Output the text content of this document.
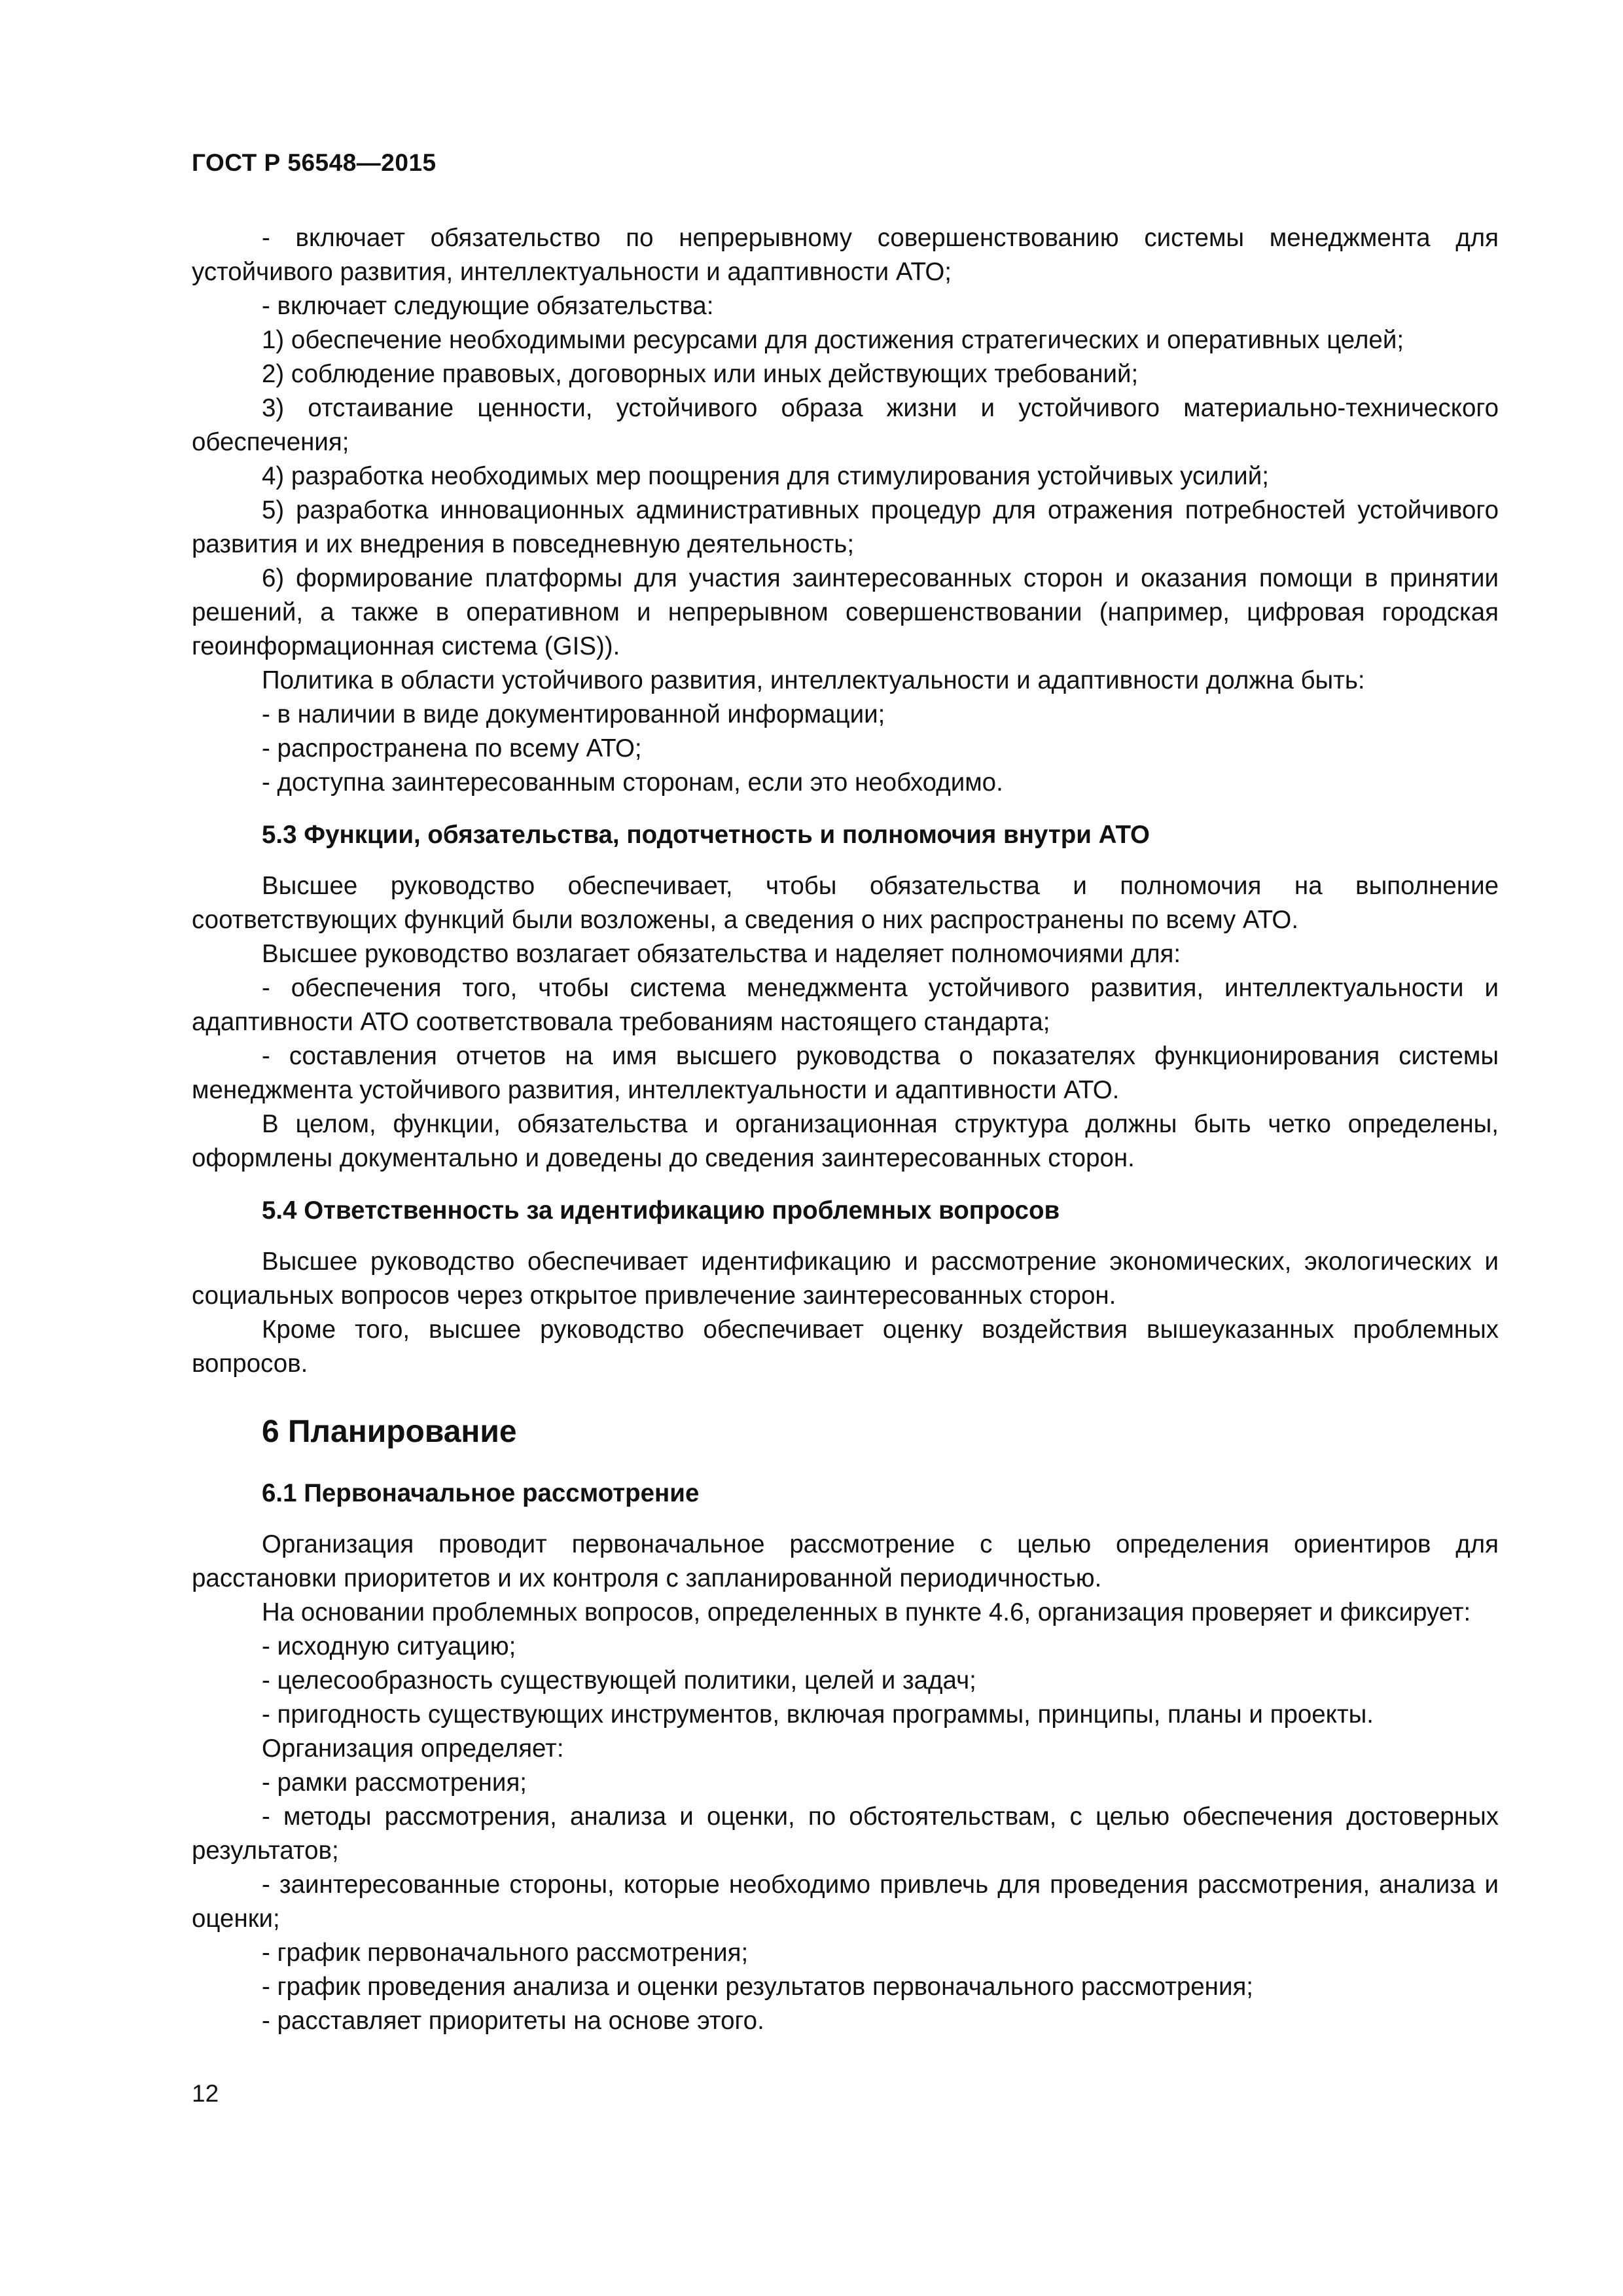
ГОСТ Р 56548—2015

- включает обязательство по непрерывному совершенствованию системы менеджмента для устойчивого развития, интеллектуальности и адаптивности АТО;

- включает следующие обязательства:

1) обеспечение необходимыми ресурсами для достижения стратегических и оперативных целей;

2) соблюдение правовых, договорных или иных действующих требований;

3) отстаивание ценности, устойчивого образа жизни и устойчивого материально-технического обеспечения;

4) разработка необходимых мер поощрения для стимулирования устойчивых усилий;

5) разработка инновационных административных процедур для отражения потребностей устойчивого развития и их внедрения в повседневную деятельность;

6) формирование платформы для участия заинтересованных сторон и оказания помощи в принятии решений, а также в оперативном и непрерывном совершенствовании (например, цифровая городская геоинформационная система (GIS)).

Политика в области устойчивого развития, интеллектуальности и адаптивности должна быть:

- в наличии в виде документированной информации;

- распространена по всему АТО;

- доступна заинтересованным сторонам, если это необходимо.

5.3 Функции, обязательства, подотчетность и полномочия внутри АТО

Высшее руководство обеспечивает, чтобы обязательства и полномочия на выполнение соответствующих функций были возложены, а сведения о них распространены по всему АТО.

Высшее руководство возлагает обязательства и наделяет полномочиями для:

- обеспечения того, чтобы система менеджмента устойчивого развития, интеллектуальности и адаптивности АТО соответствовала требованиям настоящего стандарта;

- составления отчетов на имя высшего руководства о показателях функционирования системы менеджмента устойчивого развития, интеллектуальности и адаптивности АТО.

В целом, функции, обязательства и организационная структура должны быть четко определены, оформлены документально и доведены до сведения заинтересованных сторон.

5.4 Ответственность за идентификацию проблемных вопросов

Высшее руководство обеспечивает идентификацию и рассмотрение экономических, экологических и социальных вопросов через открытое привлечение заинтересованных сторон.

Кроме того, высшее руководство обеспечивает оценку воздействия вышеуказанных проблемных вопросов.

6 Планирование
6.1 Первоначальное рассмотрение

Организация проводит первоначальное рассмотрение с целью определения ориентиров для расстановки приоритетов и их контроля с запланированной периодичностью.

На основании проблемных вопросов, определенных в пункте 4.6, организация проверяет и фиксирует:

- исходную ситуацию;

- целесообразность существующей политики, целей и задач;

- пригодность существующих инструментов, включая программы, принципы, планы и проекты.

Организация определяет:

- рамки рассмотрения;

- методы рассмотрения, анализа и оценки, по обстоятельствам, с целью обеспечения достоверных результатов;

- заинтересованные стороны, которые необходимо привлечь для проведения рассмотрения, анализа и оценки;

- график первоначального рассмотрения;

- график проведения анализа и оценки результатов первоначального рассмотрения;

- расставляет приоритеты на основе этого.

12
